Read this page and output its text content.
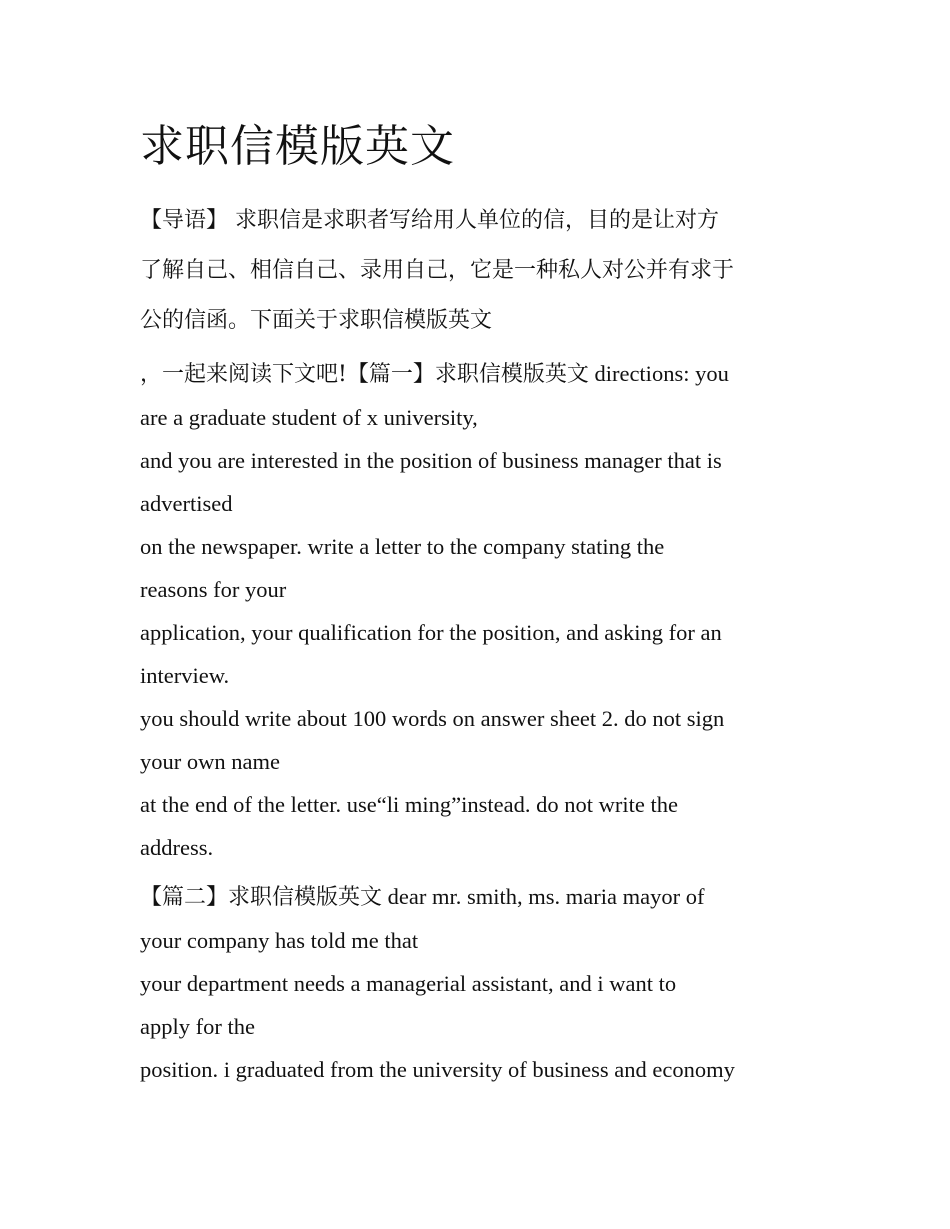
求职信模版英文

【导语】 求职信是求职者写给用人单位的信，目的是让对方

了解自己、相信自己、录用自己，它是一种私人对公并有求于

公的信函。下面关于求职信模版英文

，一起来阅读下文吧!【篇一】求职信模版英文 directions: you

are a graduate student of x university,

and you are interested in the position of business manager that is

advertised

on the newspaper. write a letter to the company stating the

reasons for your

application, your qualification for the position, and asking for an

interview.

you should write about 100 words on answer sheet 2. do not sign

your own name

at the end of the letter. use“li ming”instead. do not write the

address.

【篇二】求职信模版英文 dear mr. smith, ms. maria mayor of

your company has told me that

your department needs a managerial assistant, and i want to

apply for the

position. i graduated from the university of business and economy
